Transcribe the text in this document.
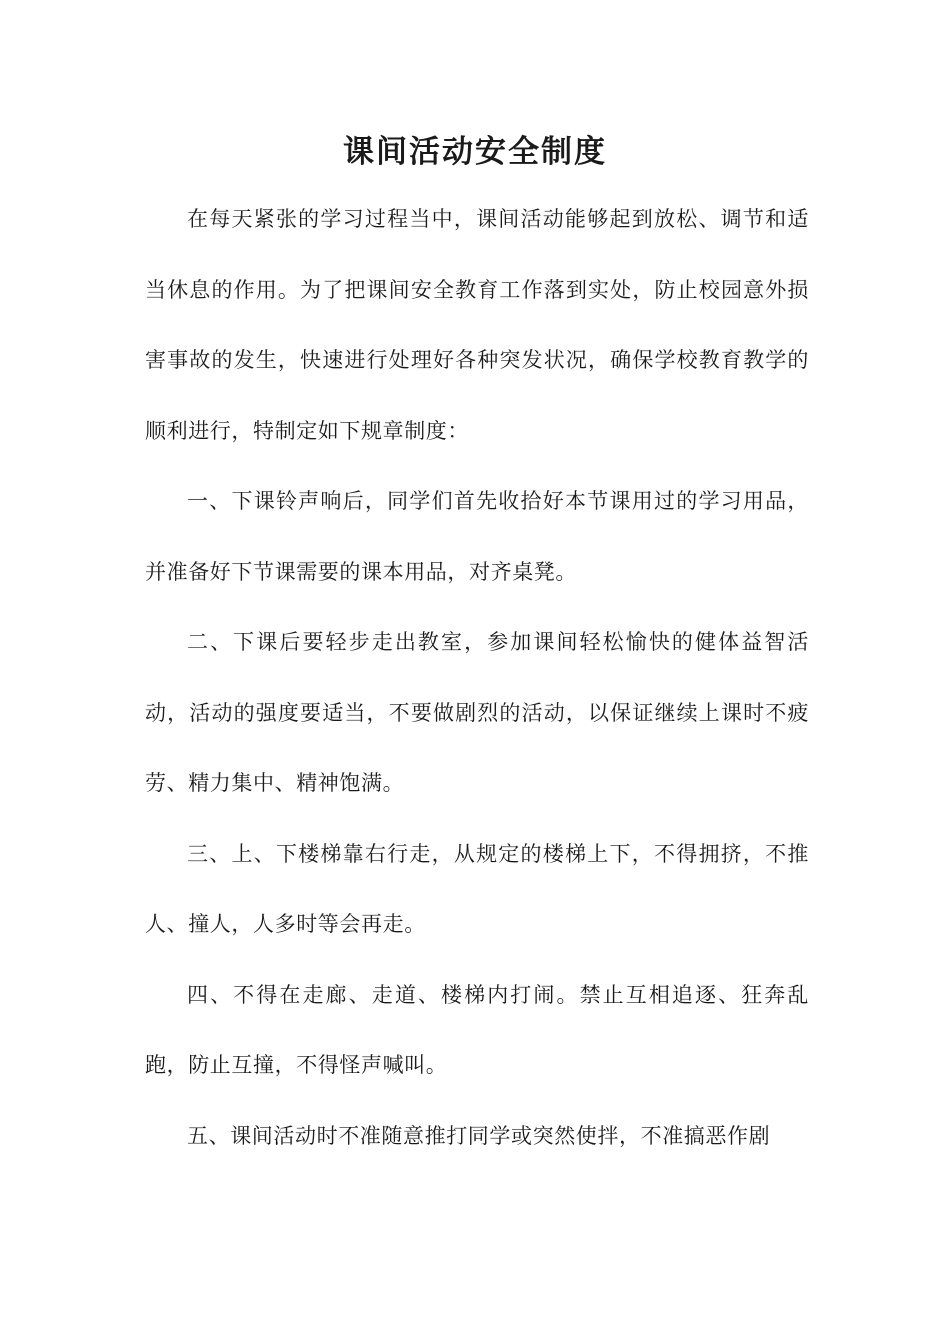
课间活动安全制度

在每天紧张的学习过程当中，课间活动能够起到放松、调节和适当休息的作用。为了把课间安全教育工作落到实处，防止校园意外损害事故的发生，快速进行处理好各种突发状况，确保学校教育教学的顺利进行，特制定如下规章制度：

一、下课铃声响后，同学们首先收拾好本节课用过的学习用品，并准备好下节课需要的课本用品，对齐桌凳。

二、下课后要轻步走出教室，参加课间轻松愉快的健体益智活动，活动的强度要适当，不要做剧烈的活动，以保证继续上课时不疲劳、精力集中、精神饱满。

三、上、下楼梯靠右行走，从规定的楼梯上下，不得拥挤，不推人、撞人，人多时等会再走。

四、不得在走廊、走道、楼梯内打闹。禁止互相追逐、狂奔乱跑，防止互撞，不得怪声喊叫。

五、课间活动时不准随意推打同学或突然使拌，不准搞恶作剧
